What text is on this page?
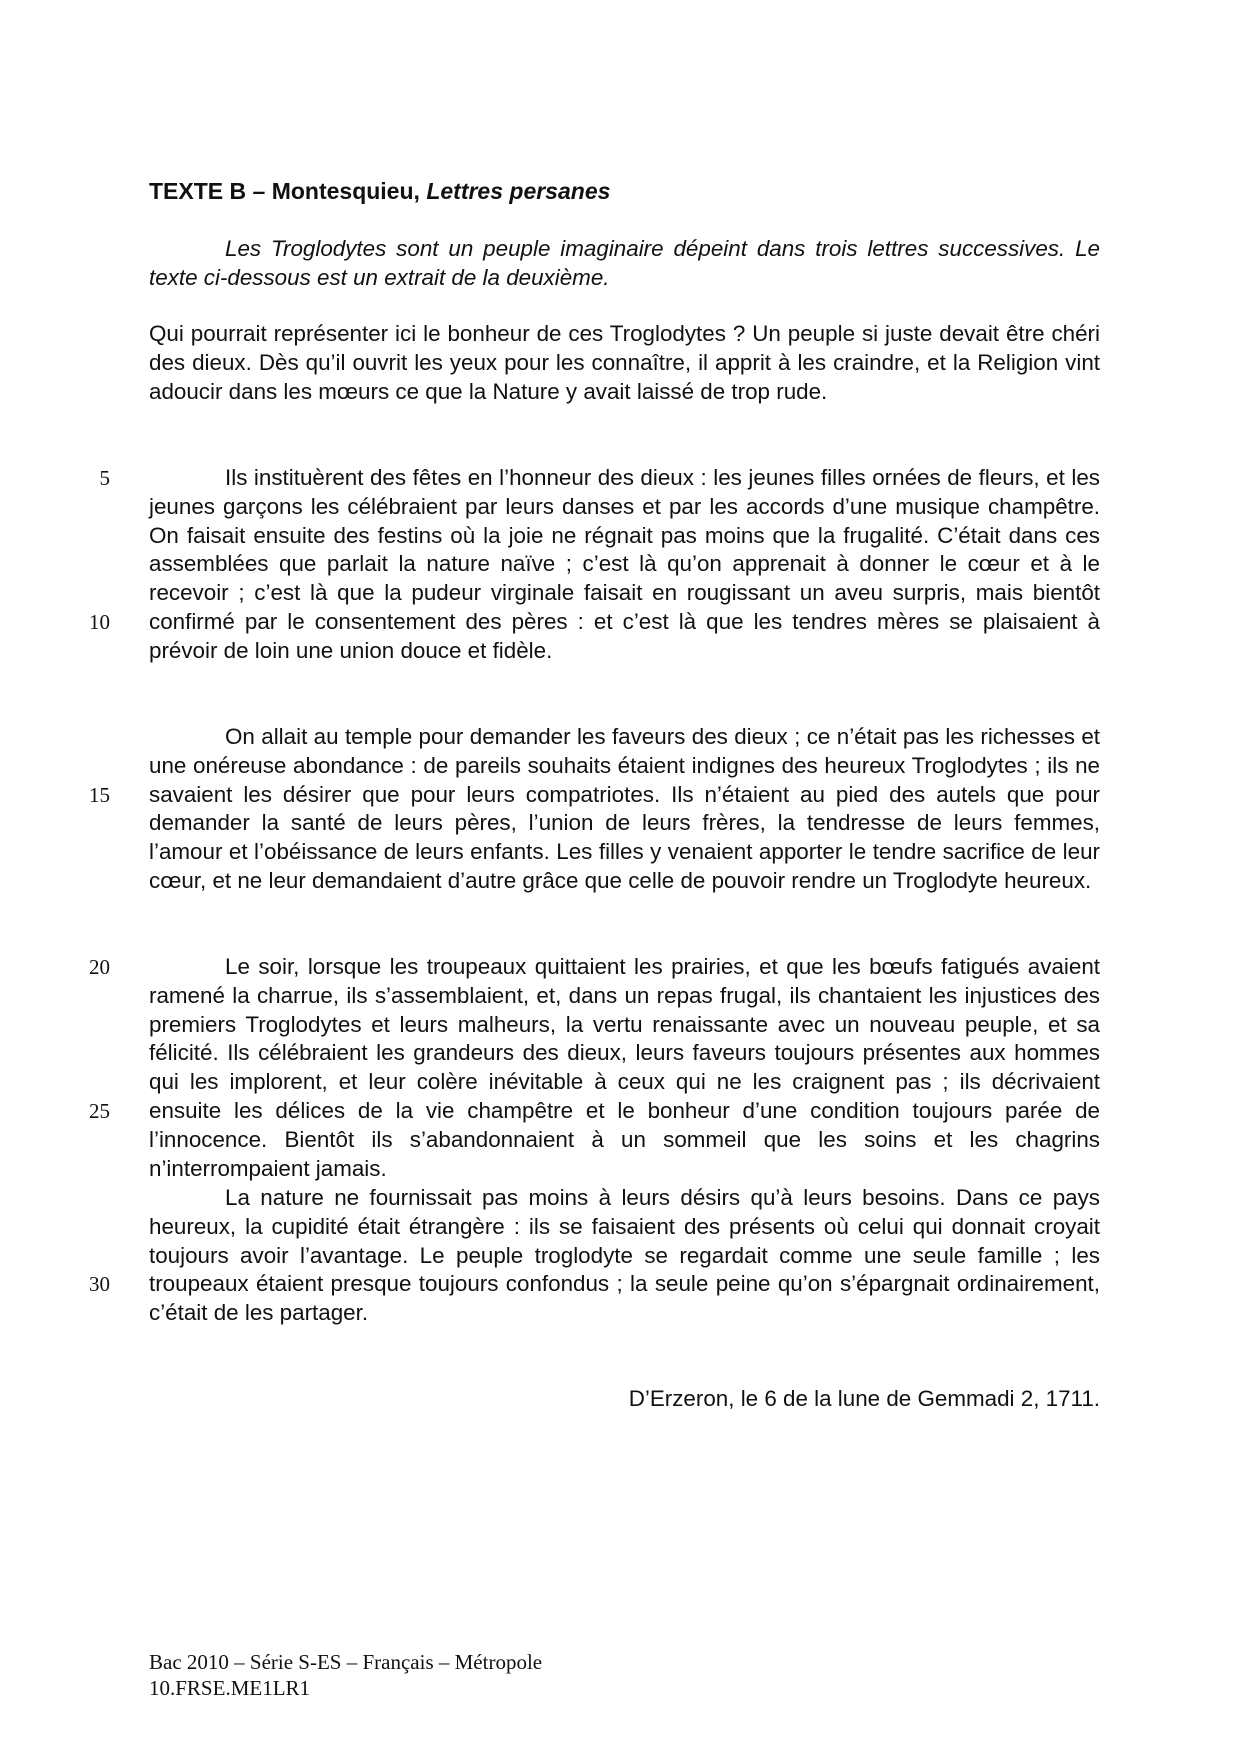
TEXTE B – Montesquieu, Lettres persanes
Les Troglodytes sont un peuple imaginaire dépeint dans trois lettres successives. Le texte ci-dessous est un extrait de la deuxième.
Qui pourrait représenter ici le bonheur de ces Troglodytes ? Un peuple si juste devait être chéri des dieux. Dès qu’il ouvrit les yeux pour les connaître, il apprit à les craindre, et la Religion vint adoucir dans les mœurs ce que la Nature y avait laissé de trop rude.
Ils instituèrent des fêtes en l’honneur des dieux : les jeunes filles ornées de fleurs, et les jeunes garçons les célébraient par leurs danses et par les accords d’une musique champêtre. On faisait ensuite des festins où la joie ne régnait pas moins que la frugalité. C’était dans ces assemblées que parlait la nature naïve ; c’est là qu’on apprenait à donner le cœur et à le recevoir ; c’est là que la pudeur virginale faisait en rougissant un aveu surpris, mais bientôt confirmé par le consentement des pères : et c’est là que les tendres mères se plaisaient à prévoir de loin une union douce et fidèle.
On allait au temple pour demander les faveurs des dieux ; ce n’était pas les richesses et une onéreuse abondance : de pareils souhaits étaient indignes des heureux Troglodytes ; ils ne savaient les désirer que pour leurs compatriotes. Ils n’étaient au pied des autels que pour demander la santé de leurs pères, l’union de leurs frères, la tendresse de leurs femmes, l’amour et l’obéissance de leurs enfants. Les filles y venaient apporter le tendre sacrifice de leur cœur, et ne leur demandaient d’autre grâce que celle de pouvoir rendre un Troglodyte heureux.
Le soir, lorsque les troupeaux quittaient les prairies, et que les bœufs fatigués avaient ramené la charrue, ils s’assemblaient, et, dans un repas frugal, ils chantaient les injustices des premiers Troglodytes et leurs malheurs, la vertu renaissante avec un nouveau peuple, et sa félicité. Ils célébraient les grandeurs des dieux, leurs faveurs toujours présentes aux hommes qui les implorent, et leur colère inévitable à ceux qui ne les craignent pas ; ils décrivaient ensuite les délices de la vie champêtre et le bonheur d’une condition toujours parée de l’innocence. Bientôt ils s’abandonnaient à un sommeil que les soins et les chagrins n’interrompaient jamais.
La nature ne fournissait pas moins à leurs désirs qu’à leurs besoins. Dans ce pays heureux, la cupidité était étrangère : ils se faisaient des présents où celui qui donnait croyait toujours avoir l’avantage. Le peuple troglodyte se regardait comme une seule famille ; les troupeaux étaient presque toujours confondus ; la seule peine qu’on s’épargnait ordinairement, c’était de les partager.
5
10
15
20
25
30
D’Erzeron, le 6 de la lune de Gemmadi 2, 1711.
Bac 2010 – Série S-ES – Français – Métropole
10.FRSE.ME1LR1
